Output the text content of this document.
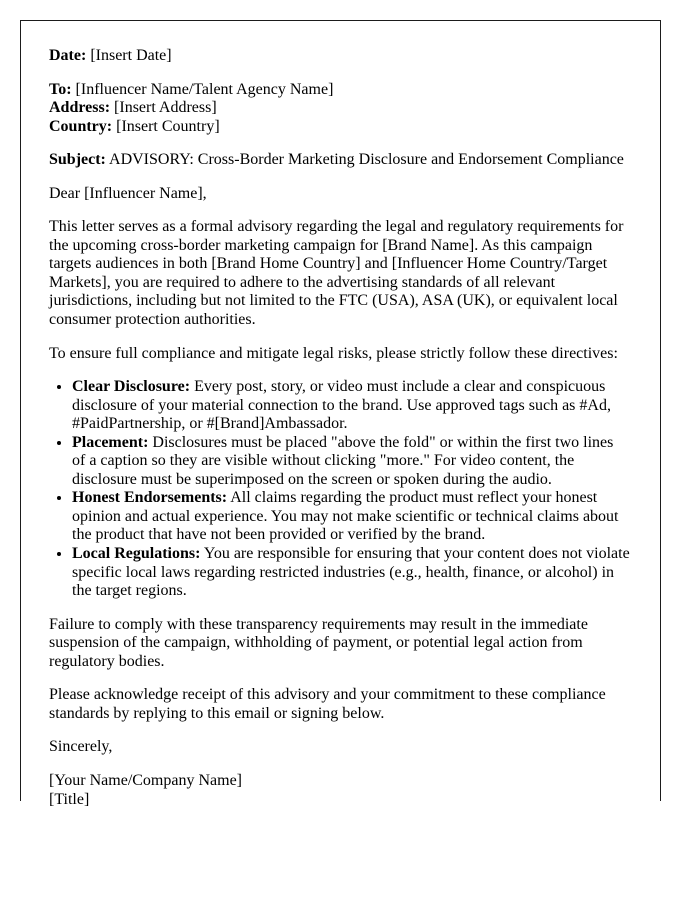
Date: [Insert Date]

To: [Influencer Name/Talent Agency Name]
Address: [Insert Address]
Country: [Insert Country]

Subject: ADVISORY: Cross-Border Marketing Disclosure and Endorsement Compliance

Dear [Influencer Name],

This letter serves as a formal advisory regarding the legal and regulatory requirements for the upcoming cross-border marketing campaign for [Brand Name]. As this campaign targets audiences in both [Brand Home Country] and [Influencer Home Country/Target Markets], you are required to adhere to the advertising standards of all relevant jurisdictions, including but not limited to the FTC (USA), ASA (UK), or equivalent local consumer protection authorities.

To ensure full compliance and mitigate legal risks, please strictly follow these directives:

• Clear Disclosure: Every post, story, or video must include a clear and conspicuous disclosure of your material connection to the brand. Use approved tags such as #Ad, #PaidPartnership, or #[Brand]Ambassador.
• Placement: Disclosures must be placed "above the fold" or within the first two lines of a caption so they are visible without clicking "more." For video content, the disclosure must be superimposed on the screen or spoken during the audio.
• Honest Endorsements: All claims regarding the product must reflect your honest opinion and actual experience. You may not make scientific or technical claims about the product that have not been provided or verified by the brand.
• Local Regulations: You are responsible for ensuring that your content does not violate specific local laws regarding restricted industries (e.g., health, finance, or alcohol) in the target regions.

Failure to comply with these transparency requirements may result in the immediate suspension of the campaign, withholding of payment, or potential legal action from regulatory bodies.

Please acknowledge receipt of this advisory and your commitment to these compliance standards by replying to this email or signing below.

Sincerely,

[Your Name/Company Name]
[Title]
